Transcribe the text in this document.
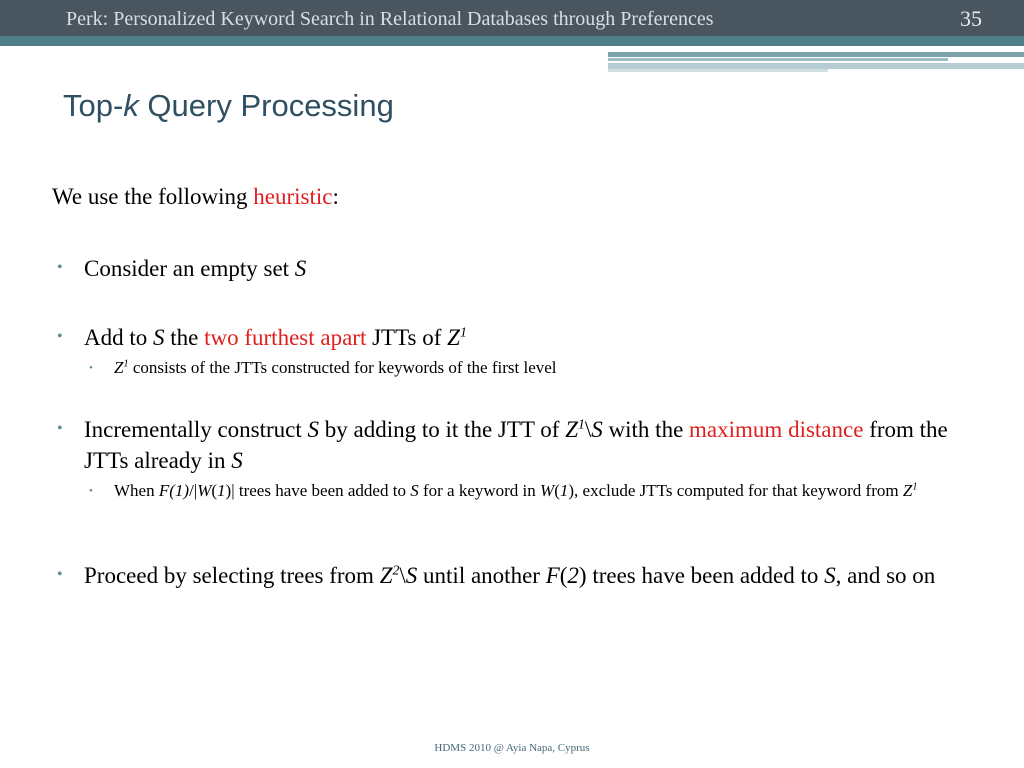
Perk: Personalized Keyword Search in Relational Databases through Preferences	35
Top-k Query Processing
We use the following heuristic:
• Consider an empty set S
• Add to S the two furthest apart JTTs of $Z^1$
• $Z^1$ consists of the JTTs constructed for keywords of the first level
• Incrementally construct S by adding to it the JTT of $Z^1\backslash S$ with the maximum distance from the JTTs already in S
• When F(1)/|W(1)| trees have been added to S for a keyword in W(1), exclude JTTs computed for that keyword from $Z^1$
• Proceed by selecting trees from $Z^2\backslash S$ until another F(2) trees have been added to S, and so on
HDMS 2010 @ Ayia Napa, Cyprus
